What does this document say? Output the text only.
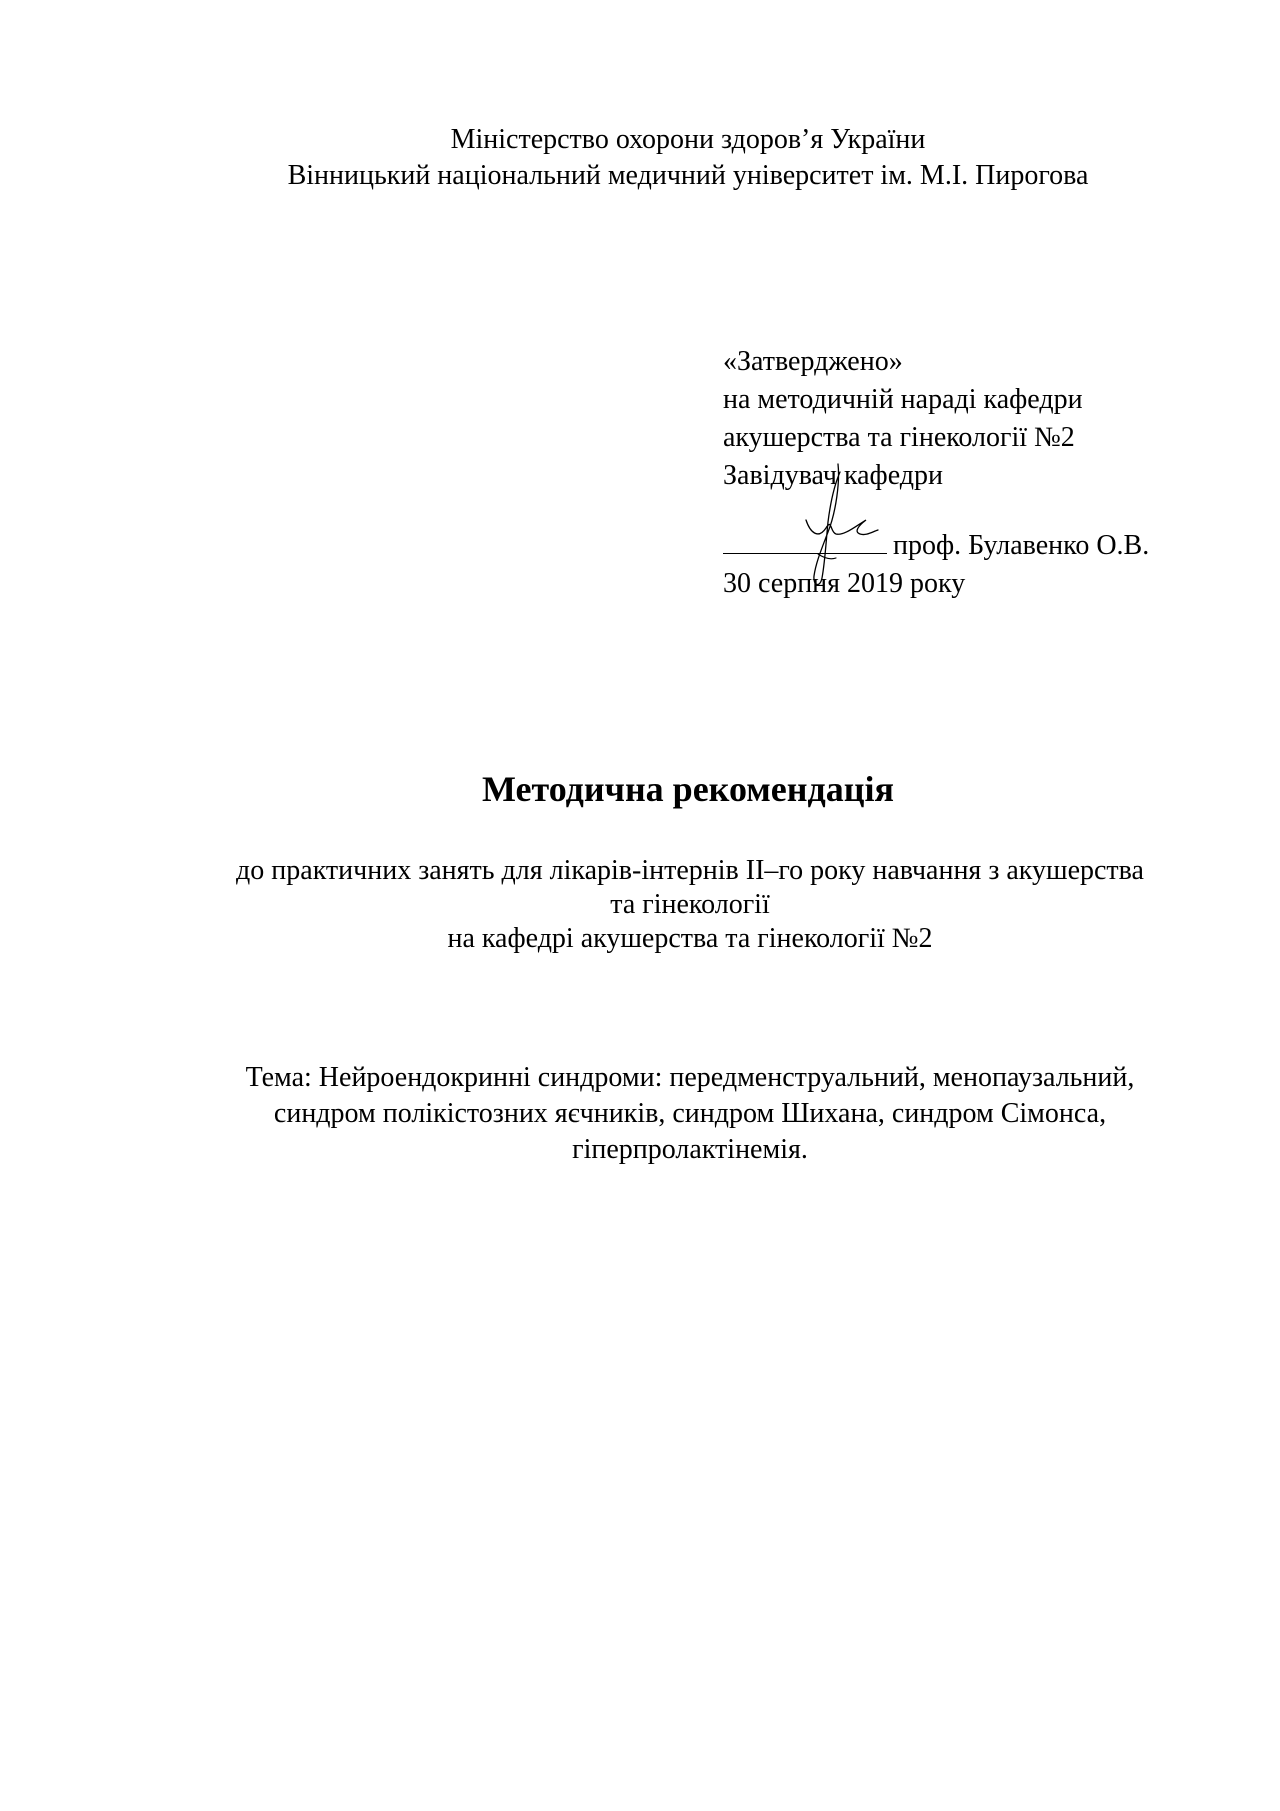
Міністерство охорони здоров’я України
Вінницький національний медичний університет ім. М.І. Пирогова
«Затверджено»
на методичній нараді кафедри
акушерства та гінекології №2
Завідувач кафедри
проф. Булавенко О.В.
30 серпня 2019 року
Методична рекомендація
до практичних занять для лікарів-інтернів ІІ–го року навчання з акушерства
та гінекології
на кафедрі акушерства та гінекології №2
Тема: Нейроендокринні синдроми: передменструальний, менопаузальний,
синдром полікістозних яєчників, синдром Шихана, синдром Сімонса,
гіперпролактінемія.
